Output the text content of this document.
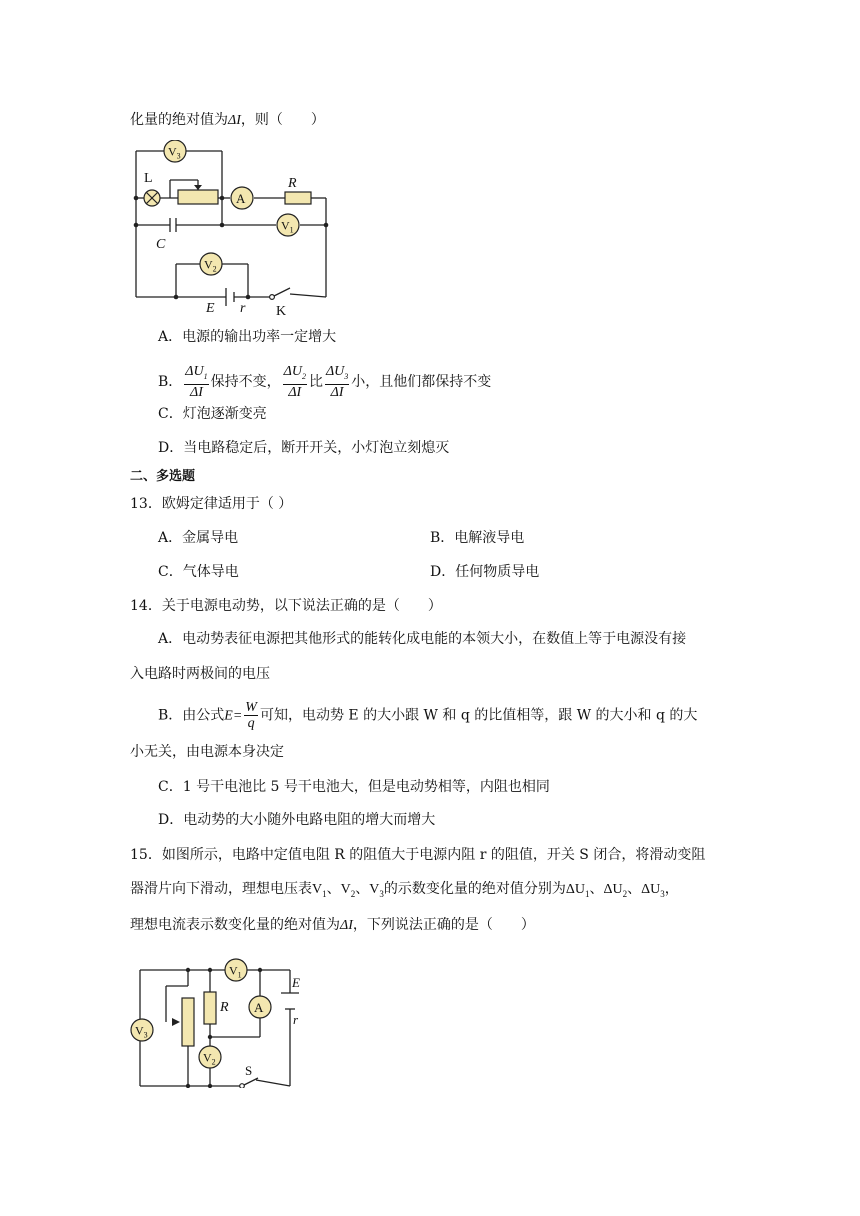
化量的绝对值为ΔI，则（　　）
$V_3$
A
$V_1$
$V_2$
L	R
C
E r K
A．电源的输出功率一定增大
B． $\frac{\Delta U_1}{\Delta I}$ 保持不变， $\frac{\Delta U_2}{\Delta I}$ 比 $\frac{\Delta U_3}{\Delta I}$ 小，且他们都保持不变
C．灯泡逐渐变亮
D．当电路稳定后，断开开关，小灯泡立刻熄灭
二、多选题
13．欧姆定律适用于（ ）
A．金属导电	B．电解液导电
C．气体导电	D．任何物质导电
14．关于电源电动势，以下说法正确的是（　　）
A．电动势表征电源把其他形式的能转化成电能的本领大小，在数值上等于电源没有接
入电路时两极间的电压
B．由公式$E= \frac{W}{q}$ 可知，电动势 E 的大小跟 W 和 q 的比值相等，跟 W 的大小和 q 的大
小无关，由电源本身决定
C．1 号干电池比 5 号干电池大，但是电动势相等，内阻也相同
D．电动势的大小随外电路电阻的增大而增大
15．如图所示，电路中定值电阻 R 的阻值大于电源内阻 r 的阻值，开关 S 闭合，将滑动变阻
器滑片向下滑动，理想电压表$V_1$、$V_2$、$V_3$的示数变化量的绝对值分别为$\Delta U_1$、$\Delta U_2$、$\Delta U_3$，
理想电流表示数变化量的绝对值为ΔI，下列说法正确的是（　　）
$V_1$
A
$V_3$
$V_2$
R
E
r
S
